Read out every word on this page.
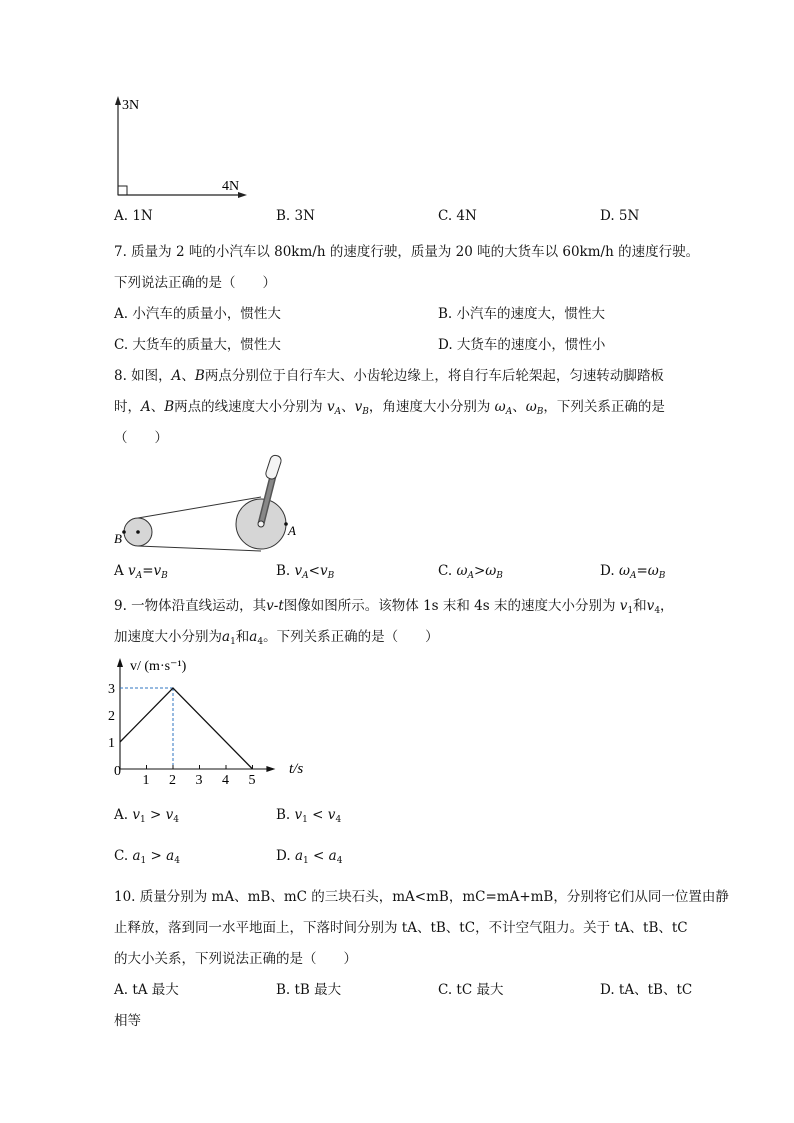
3N
4N
A. 1N	B. 3N	C. 4N	D. 5N
7. 质量为 2 吨的小汽车以 80km/h 的速度行驶，质量为 20 吨的大货车以 60km/h 的速度行驶。
下列说法正确的是（　　）
A. 小汽车的质量小，惯性大	B. 小汽车的速度大，惯性大
C. 大货车的质量大，惯性大	D. 大货车的速度小，惯性小
8. 如图，A、B两点分别位于自行车大、小齿轮边缘上，将自行车后轮架起，匀速转动脚踏板
时，A、B两点的线速度大小分别为 $v_A$、$v_B$，角速度大小分别为 $\omega_A$、$\omega_B$，下列关系正确的是
（　　）
A
B
A $v_A=v_B$	B. $v_A<v_B$	C. $\omega_A>\omega_B$	D. $\omega_A=\omega_B$
9. 一物体沿直线运动，其v-t图像如图所示。该物体 1s 末和 4s 末的速度大小分别为 $v_1$和$v_4$，
加速度大小分别为$a_1$和$a_4$。下列关系正确的是（　　）
1 2 3 4 5
1
2
3
v/ (m·s⁻¹)
t/s
0
A. $v_1 > v_4$	B. $v_1 < v_4$
C. $a_1 > a_4$	D. $a_1 < a_4$
10. 质量分别为 mA、mB、mC 的三块石头，mA<mB，mC=mA+mB，分别将它们从同一位置由静
止释放，落到同一水平地面上，下落时间分别为 tA、tB、tC，不计空气阻力。关于 tA、tB、tC
的大小关系，下列说法正确的是（　　）
A. tA 最大	B. tB 最大	C. tC 最大	D. tA、tB、tC
相等
